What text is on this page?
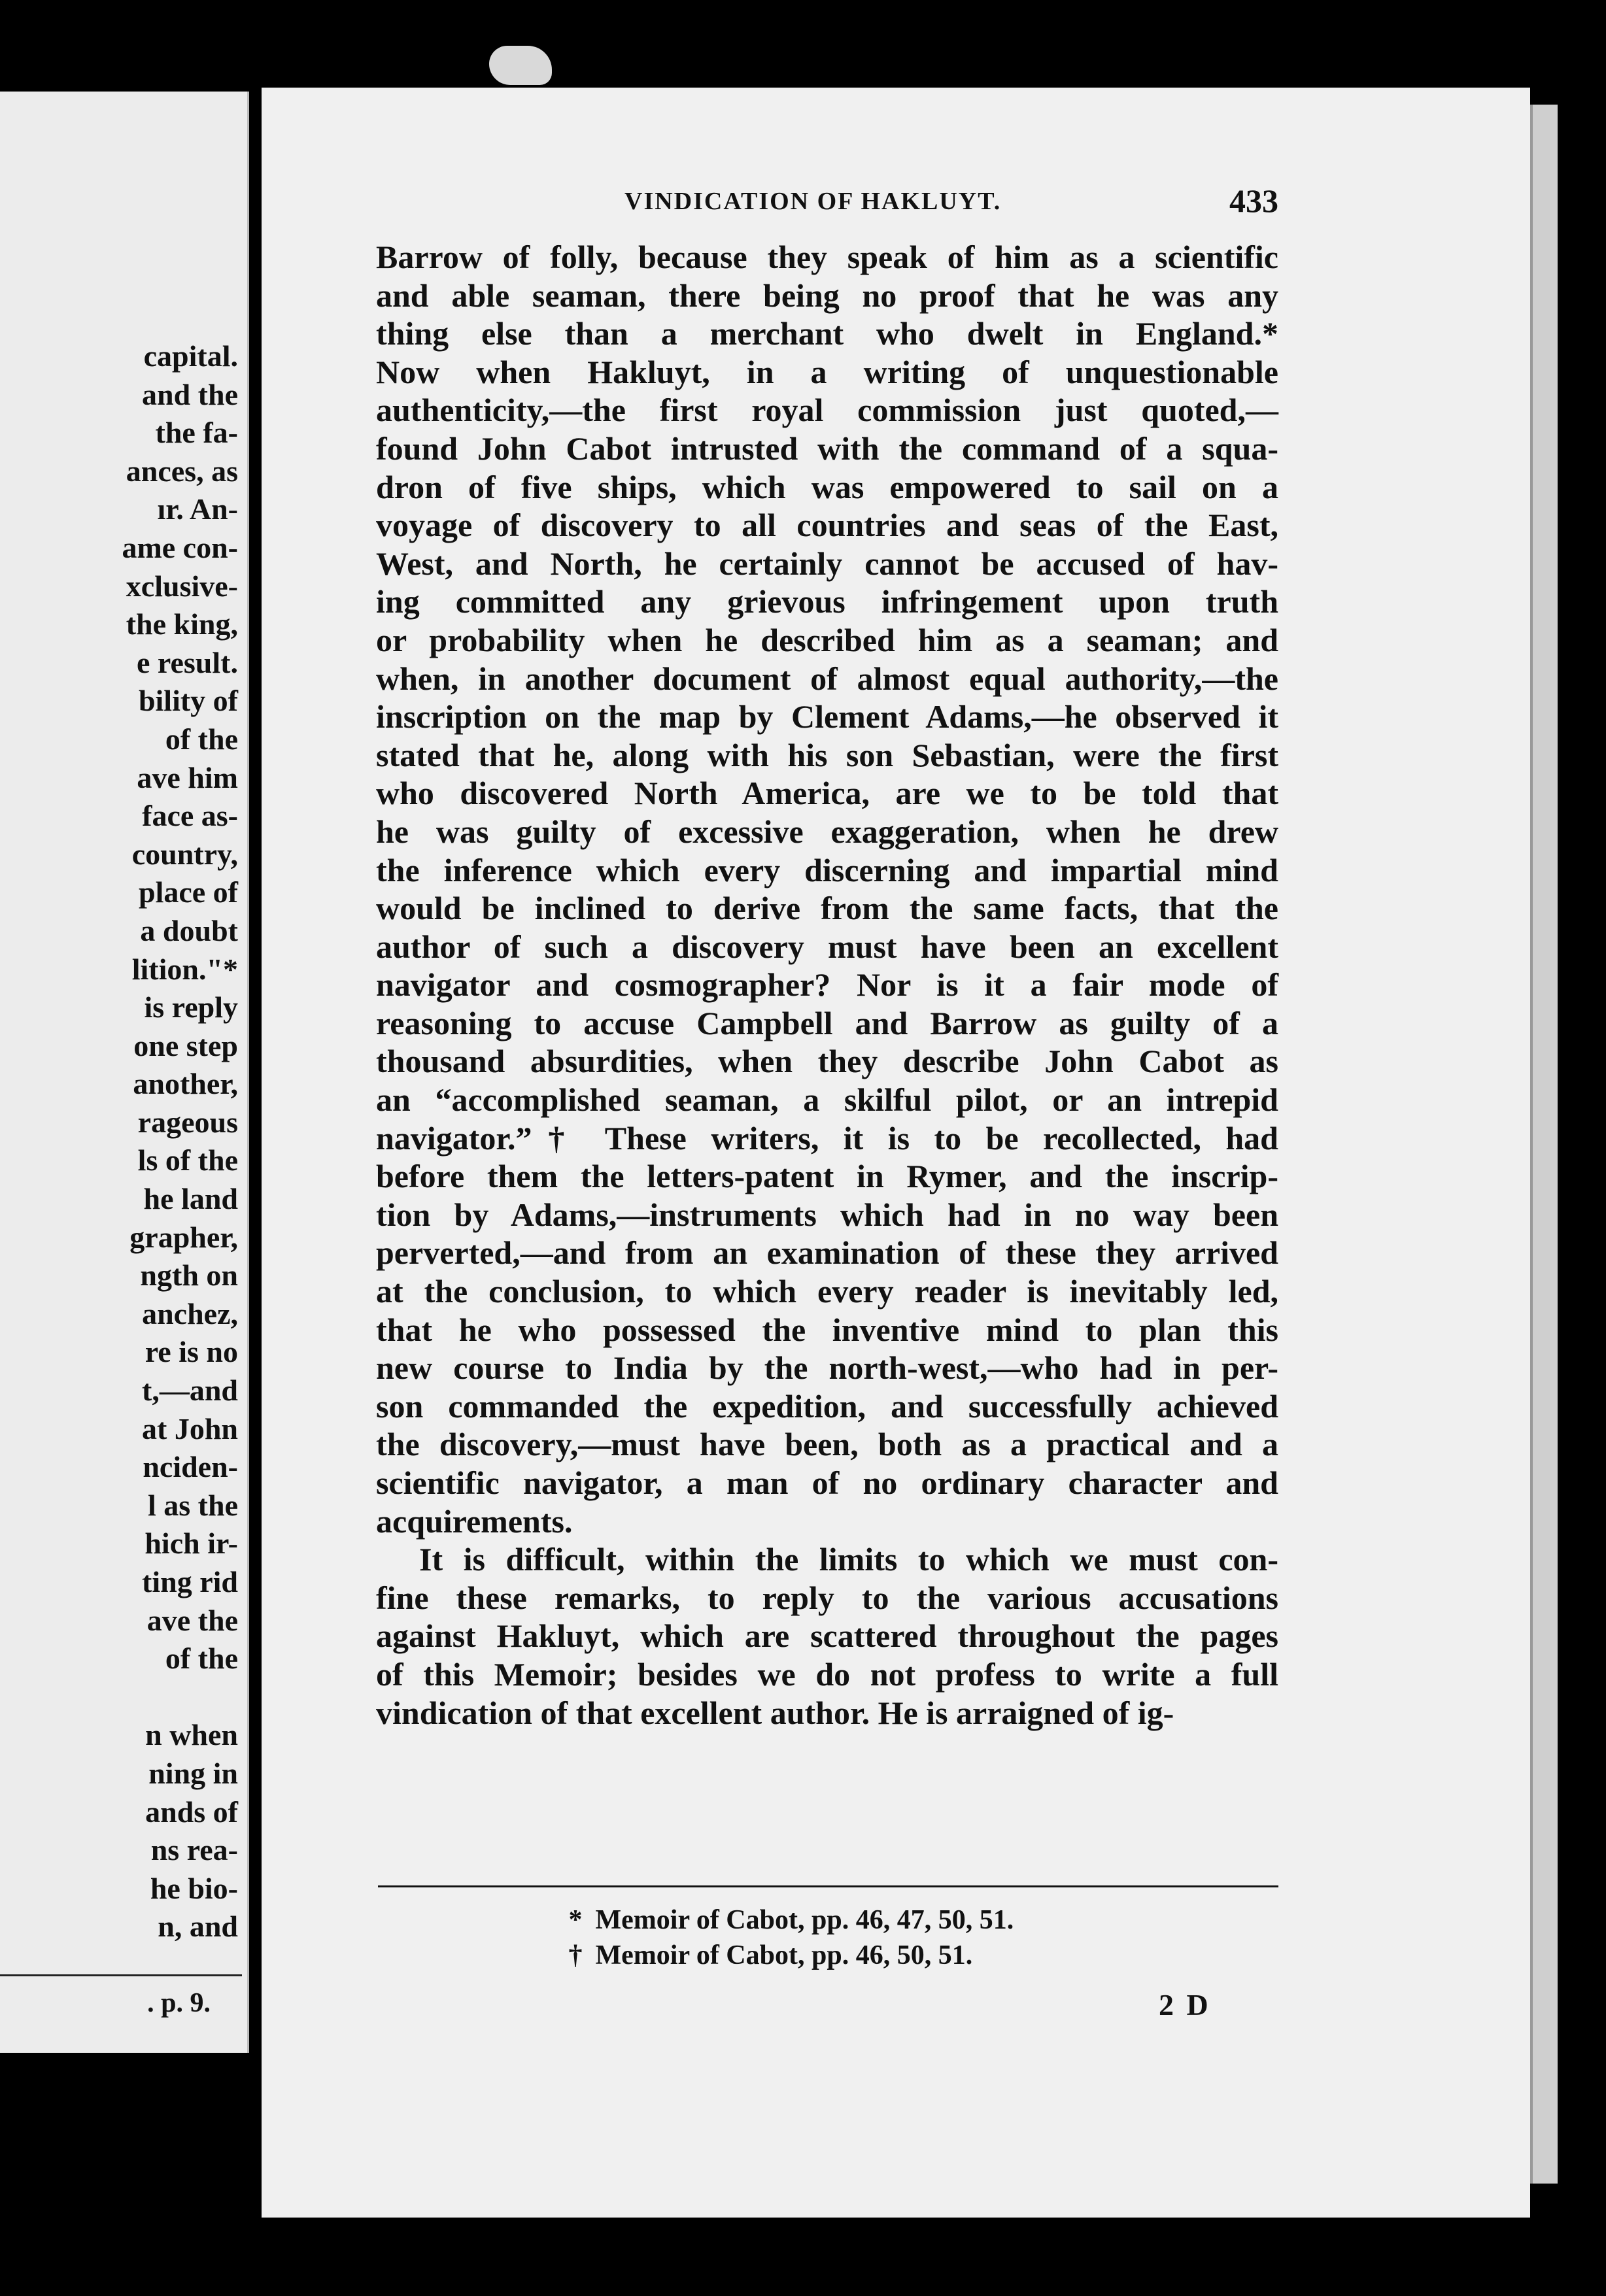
capital.
and the
the fa-
ances, as
ır. An-
ame con-
xclusive-
the king,
e result.
bility of
of the
ave him
face as-
country,
place of
a doubt
lition."*
is reply
one step
another,
rageous
ls of the
he land
grapher,
ngth on
anchez,
re is no
t,—and
at John
nciden-
l as the
hich ir-
ting rid
ave the
of the
n when
ning in
ands of
ns rea-
he bio-
n, and
. p. 9.
VINDICATION OF HAKLUYT.	433
Barrow of folly, because they speak of him as a scientific
and able seaman, there being no proof that he was any
thing else than a merchant who dwelt in England.*
Now when Hakluyt, in a writing of unquestionable
authenticity,—the first royal commission just quoted,—
found John Cabot intrusted with the command of a squa-
dron of five ships, which was empowered to sail on a
voyage of discovery to all countries and seas of the East,
West, and North, he certainly cannot be accused of hav-
ing committed any grievous infringement upon truth
or probability when he described him as a seaman; and
when, in another document of almost equal authority,—the
inscription on the map by Clement Adams,—he observed it
stated that he, along with his son Sebastian, were the first
who discovered North America, are we to be told that
he was guilty of excessive exaggeration, when he drew
the inference which every discerning and impartial mind
would be inclined to derive from the same facts, that the
author of such a discovery must have been an excellent
navigator and cosmographer? Nor is it a fair mode of
reasoning to accuse Campbell and Barrow as guilty of a
thousand absurdities, when they describe John Cabot as
an “accomplished seaman, a skilful pilot, or an intrepid
navigator.”† These writers, it is to be recollected, had
before them the letters-patent in Rymer, and the inscrip-
tion by Adams,—instruments which had in no way been
perverted,—and from an examination of these they arrived
at the conclusion, to which every reader is inevitably led,
that he who possessed the inventive mind to plan this
new course to India by the north-west,—who had in per-
son commanded the expedition, and successfully achieved
the discovery,—must have been, both as a practical and a
scientific navigator, a man of no ordinary character and
acquirements.
It is difficult, within the limits to which we must con-
fine these remarks, to reply to the various accusations
against Hakluyt, which are scattered throughout the pages
of this Memoir; besides we do not profess to write a full
vindication of that excellent author. He is arraigned of ig-
* Memoir of Cabot, pp. 46, 47, 50, 51.
† Memoir of Cabot, pp. 46, 50, 51.
2 D
